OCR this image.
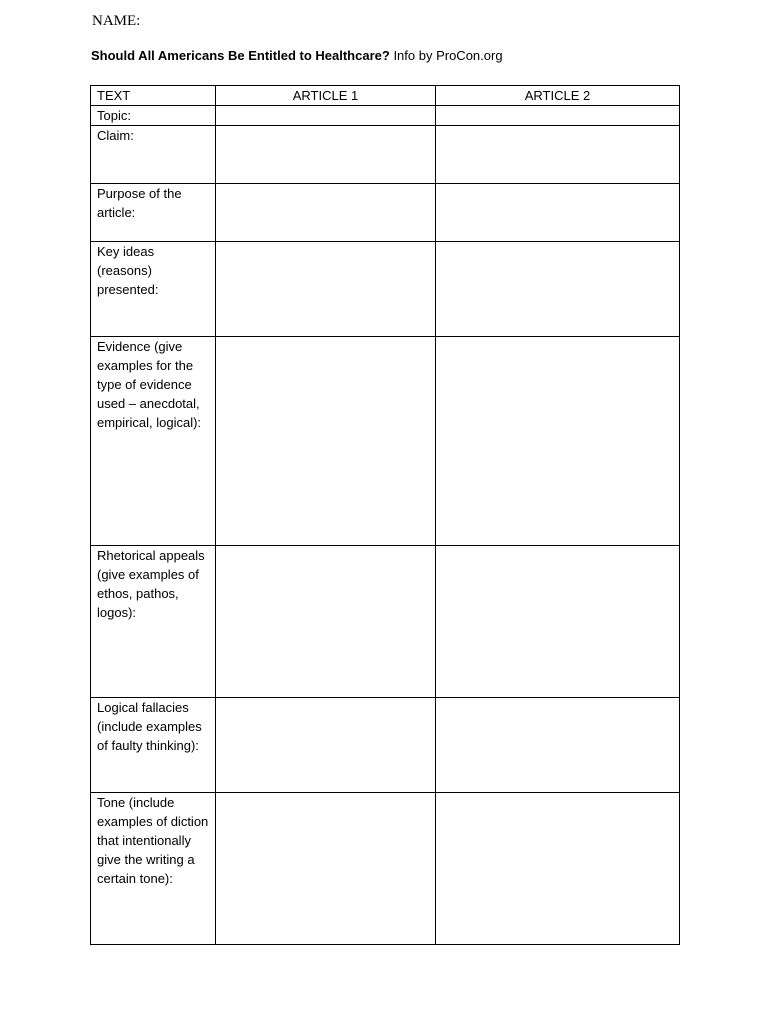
NAME:
Should All Americans Be Entitled to Healthcare? Info by ProCon.org
TEXT	ARTICLE 1	ARTICLE 2

Topic:		

Claim:		

Purpose of the article:		

Key ideas (reasons) presented:		

Evidence (give examples for the type of evidence used – anecdotal, empirical, logical):		

Rhetorical appeals (give examples of ethos, pathos, logos):		

Logical fallacies (include examples of faulty thinking):		

Tone (include examples of diction that intentionally give the writing a certain tone):		
